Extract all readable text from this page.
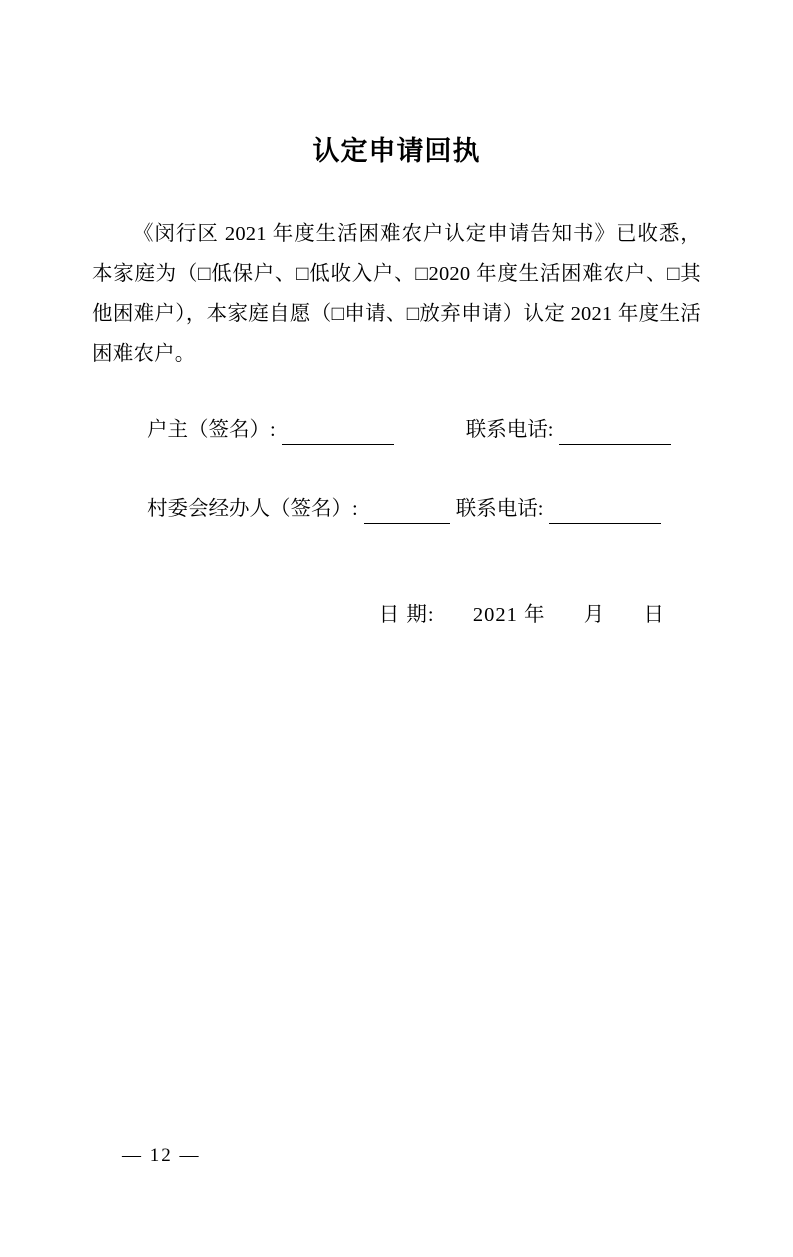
认定申请回执
《闵行区 2021 年度生活困难农户认定申请告知书》已收悉，本家庭为（□低保户、□低收入户、□2020 年度生活困难农户、□其他困难户），本家庭自愿（□申请、□放弃申请）认定 2021 年度生活困难农户。
户主（签名）:	联系电话:
村委会经办人（签名）:	联系电话:
日 期: 2021 年 月 日
— 12 —
